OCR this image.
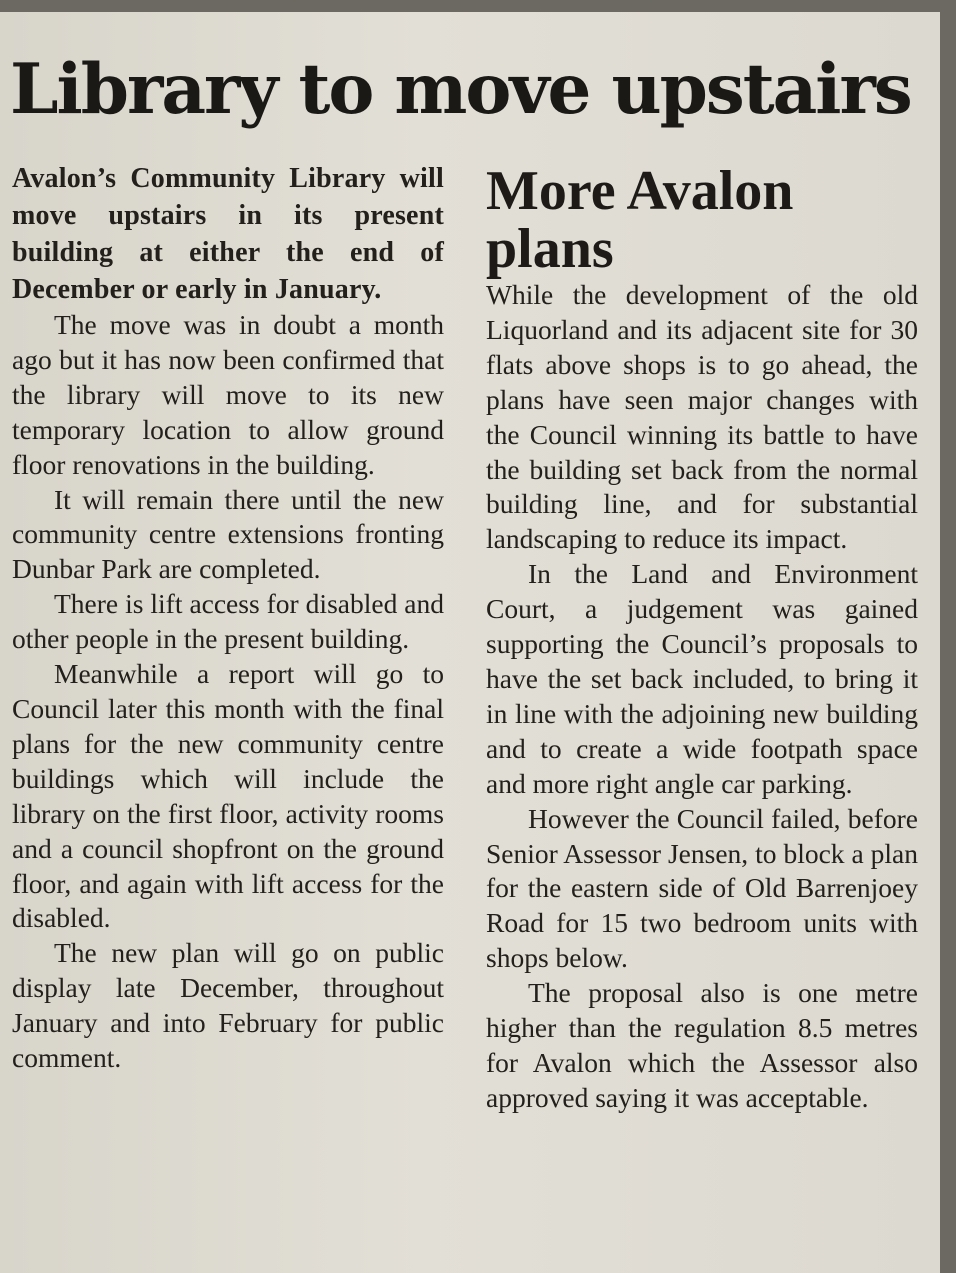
Library to move upstairs

Avalon’s Community Library will move upstairs in its present building at either the end of December or early in January.

The move was in doubt a month ago but it has now been confirmed that the library will move to its new temporary location to allow ground floor renovations in the building.

It will remain there until the new community centre extensions fronting Dunbar Park are completed.

There is lift access for disabled and other people in the present building.

Meanwhile a report will go to Council later this month with the final plans for the new community centre buildings which will include the library on the first floor, activity rooms and a council shopfront on the ground floor, and again with lift access for the disabled.

The new plan will go on public display late December, throughout January and into February for public comment.

More Avalon plans

While the development of the old Liquorland and its adjacent site for 30 flats above shops is to go ahead, the plans have seen major changes with the Council winning its battle to have the building set back from the normal building line, and for substantial landscaping to reduce its impact.

In the Land and Environment Court, a judgement was gained supporting the Council’s proposals to have the set back included, to bring it in line with the adjoining new building and to create a wide footpath space and more right angle car parking.

However the Council failed, before Senior Assessor Jensen, to block a plan for the eastern side of Old Barrenjoey Road for 15 two bedroom units with shops below.

The proposal also is one metre higher than the regulation 8.5 metres for Avalon which the Assessor also approved saying it was acceptable.
